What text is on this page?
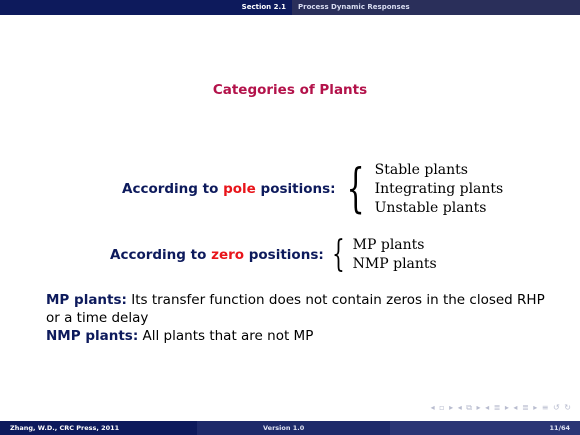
Section 2.1	Process Dynamic Responses
Categories of Plants
According to pole positions: { Stable plants
Integrating plants
Unstable plants
According to zero positions: { MP plants
NMP plants
MP plants: Its transfer function does not contain zeros in the closed RHP or a time delay
NMP plants: All plants that are not MP
◂ ▫ ▸ ◂ ⧉ ▸ ◂ ≣ ▸ ◂ ≣ ▸ ≡ ↺ ↻
Zhang, W.D., CRC Press, 2011	Version 1.0	11/64
